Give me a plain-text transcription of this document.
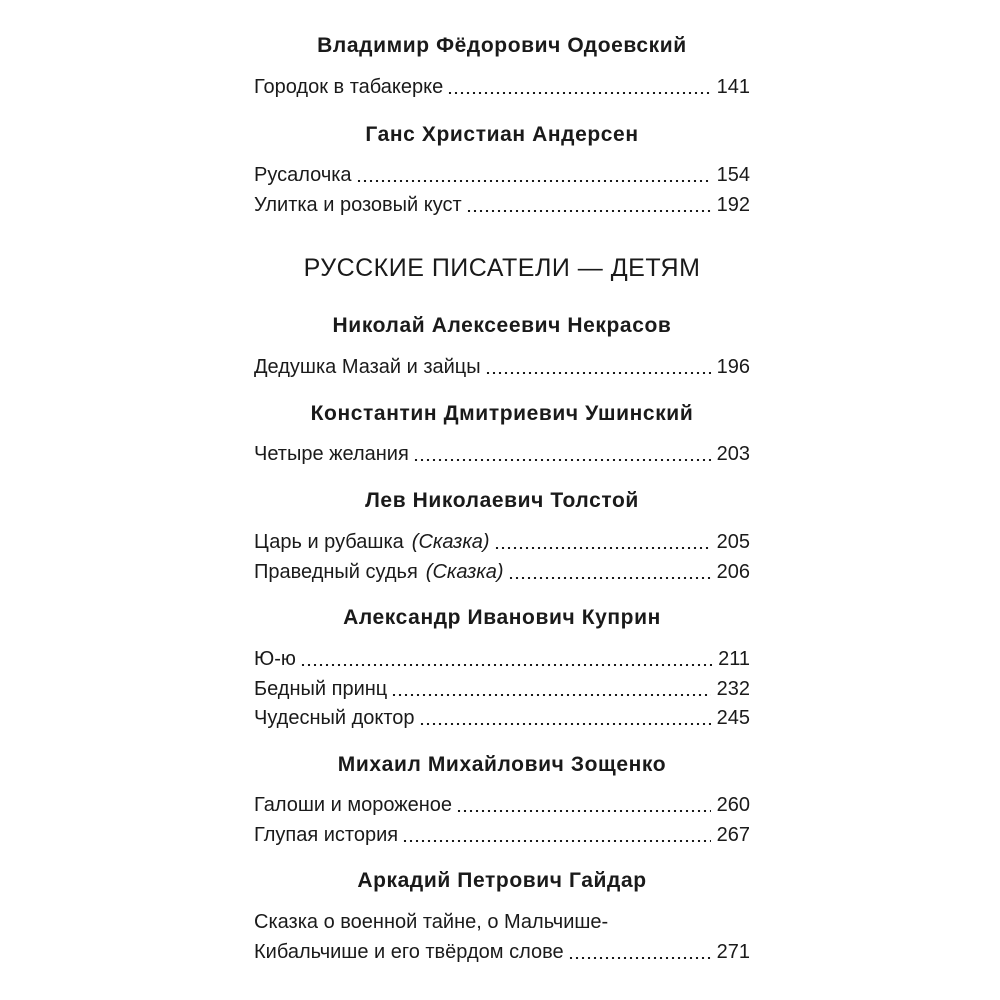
Владимир Фёдорович Одоевский
Городок в табакерке	141
Ганс Христиан Андерсен
Русалочка	154
Улитка и розовый куст	192
РУССКИЕ ПИСАТЕЛИ — ДЕТЯМ
Николай Алексеевич Некрасов
Дедушка Мазай и зайцы	196
Константин Дмитриевич Ушинский
Четыре желания	203
Лев Николаевич Толстой
Царь и рубашка (Сказка)	205
Праведный судья (Сказка)	206
Александр Иванович Куприн
Ю-ю	211
Бедный принц	232
Чудесный доктор	245
Михаил Михайлович Зощенко
Галоши и мороженое	260
Глупая история	267
Аркадий Петрович Гайдар
Сказка о военной тайне, о Мальчише-
Кибальчише и его твёрдом слове	271
